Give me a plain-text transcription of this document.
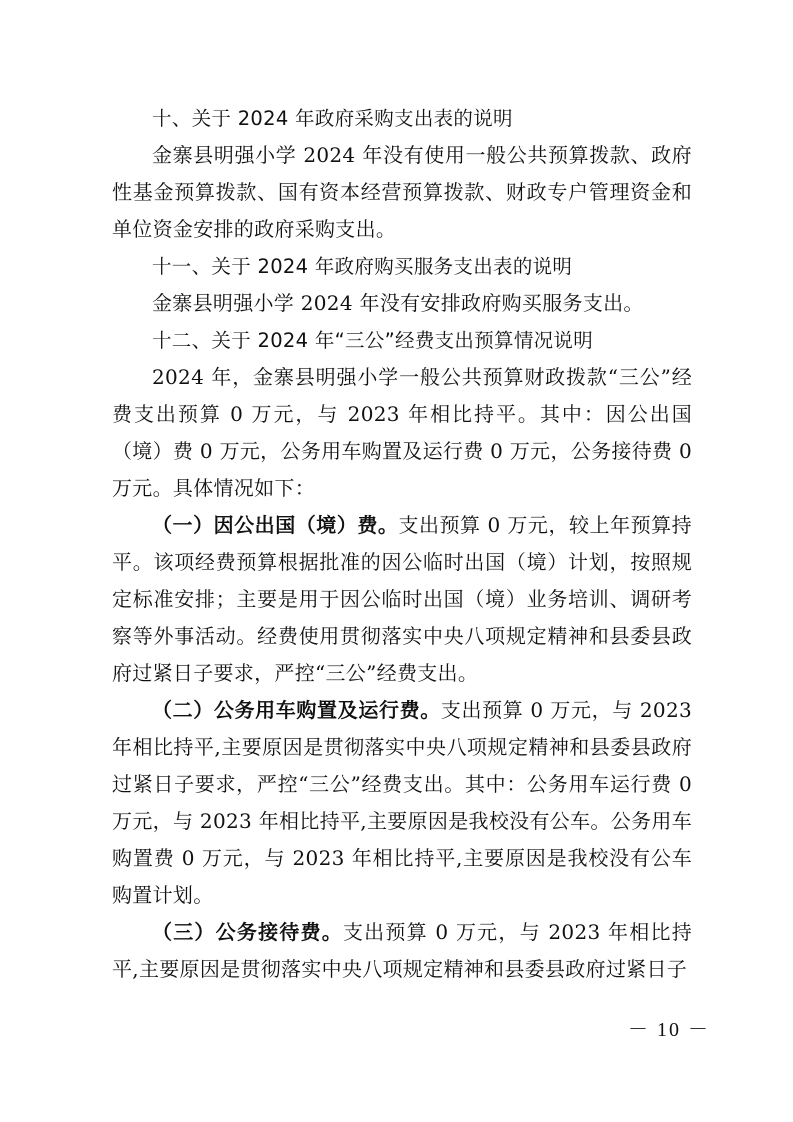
十、关于 2024 年政府采购支出表的说明

金寨县明强小学 2024 年没有使用一般公共预算拨款、政府性基金预算拨款、国有资本经营预算拨款、财政专户管理资金和单位资金安排的政府采购支出。

十一、关于 2024 年政府购买服务支出表的说明

金寨县明强小学 2024 年没有安排政府购买服务支出。

十二、关于 2024 年“三公”经费支出预算情况说明

2024 年，金寨县明强小学一般公共预算财政拨款“三公”经费支出预算 0 万元，与 2023 年相比持平。其中：因公出国（境）费 0 万元，公务用车购置及运行费 0 万元，公务接待费 0 万元。具体情况如下：

（一）因公出国（境）费。支出预算 0 万元，较上年预算持平。该项经费预算根据批准的因公临时出国（境）计划，按照规定标准安排；主要是用于因公临时出国（境）业务培训、调研考察等外事活动。经费使用贯彻落实中央八项规定精神和县委县政府过紧日子要求，严控“三公”经费支出。

（二）公务用车购置及运行费。支出预算 0 万元，与 2023 年相比持平,主要原因是贯彻落实中央八项规定精神和县委县政府过紧日子要求，严控“三公”经费支出。其中：公务用车运行费 0 万元，与 2023 年相比持平,主要原因是我校没有公车。公务用车购置费 0 万元，与 2023 年相比持平,主要原因是我校没有公车购置计划。

（三）公务接待费。支出预算 0 万元，与 2023 年相比持平,主要原因是贯彻落实中央八项规定精神和县委县政府过紧日子

－ 10 －
